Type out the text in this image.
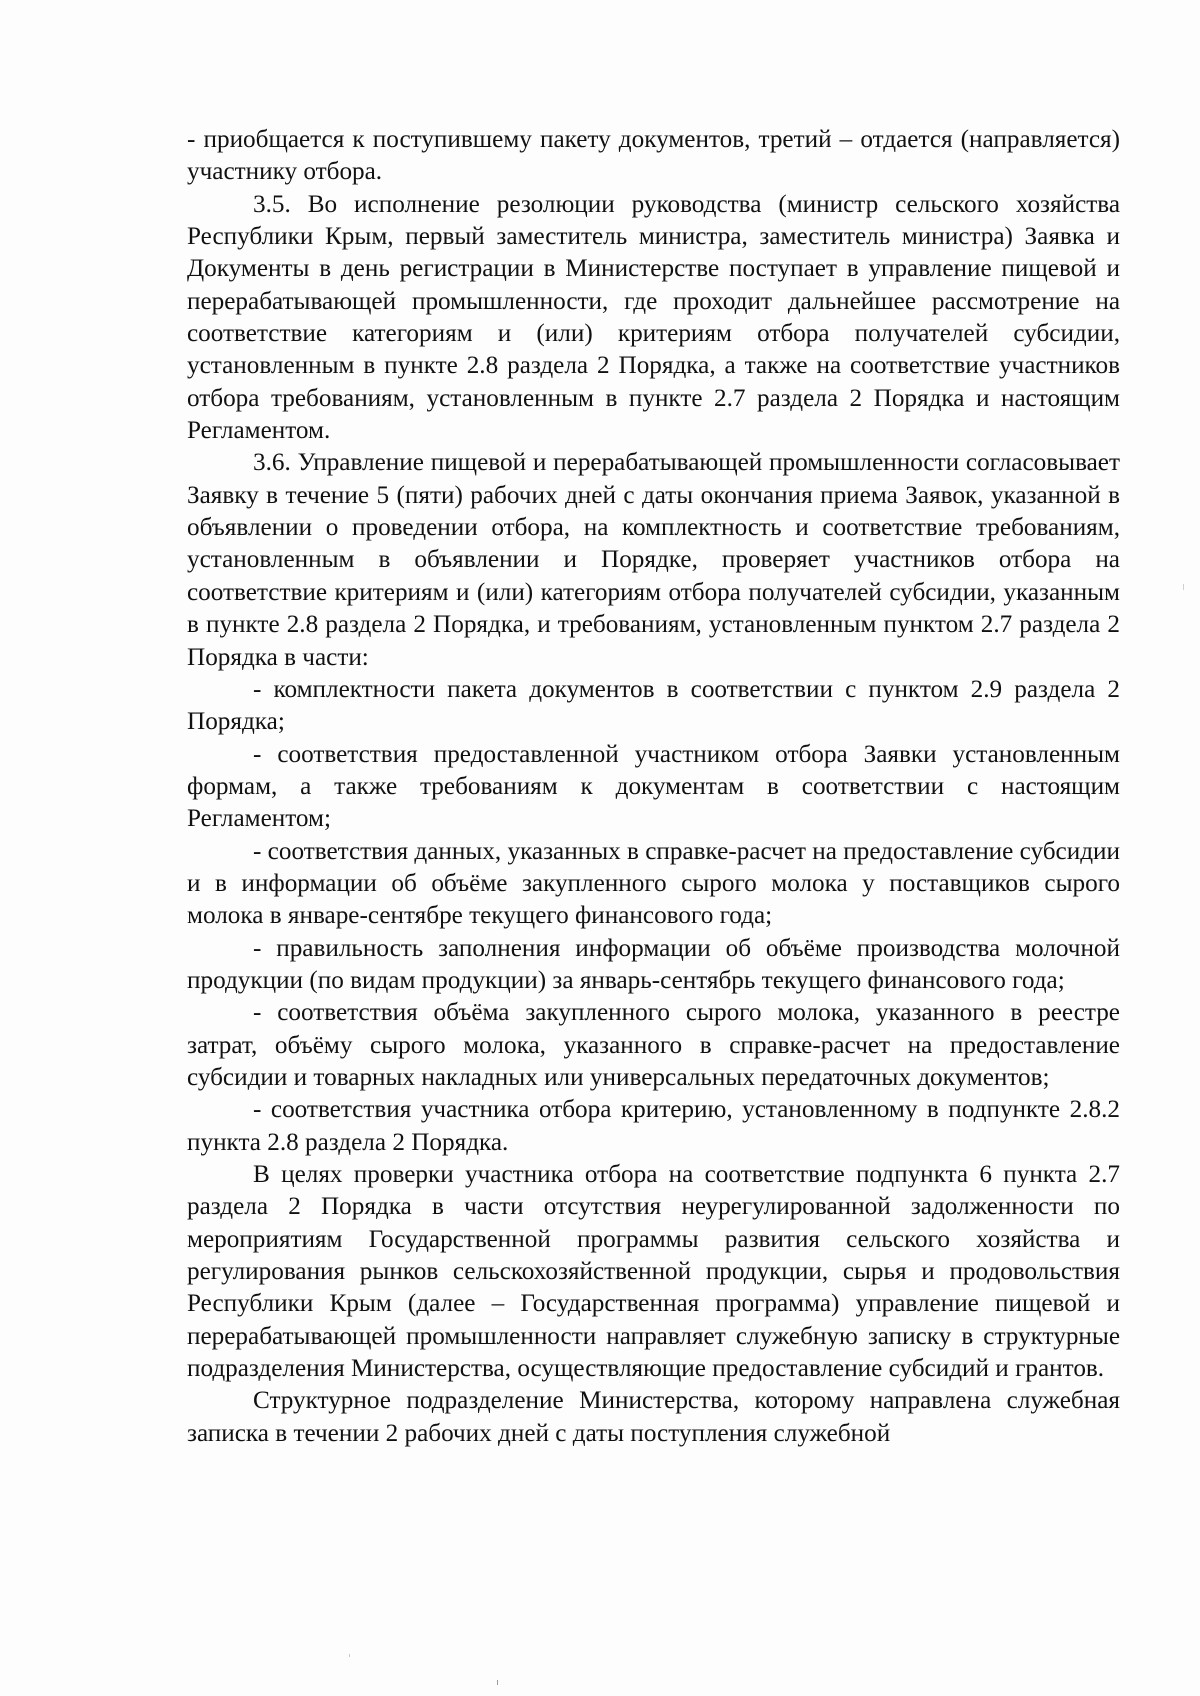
- приобщается к поступившему пакету документов, третий – отдается (направляется) участнику отбора.

3.5. Во исполнение резолюции руководства (министр сельского хозяйства Республики Крым, первый заместитель министра, заместитель министра) Заявка и Документы в день регистрации в Министерстве поступает в управление пищевой и перерабатывающей промышленности, где проходит дальнейшее рассмотрение на соответствие категориям и (или) критериям отбора получателей субсидии, установленным в пункте 2.8 раздела 2 Порядка, а также на соответствие участников отбора требованиям, установленным в пункте 2.7 раздела 2 Порядка и настоящим Регламентом.

3.6. Управление пищевой и перерабатывающей промышленности согласовывает Заявку в течение 5 (пяти) рабочих дней с даты окончания приема Заявок, указанной в объявлении о проведении отбора, на комплектность и соответствие требованиям, установленным в объявлении и Порядке, проверяет участников отбора на соответствие критериям и (или) категориям отбора получателей субсидии, указанным в пункте 2.8 раздела 2 Порядка, и требованиям, установленным пунктом 2.7 раздела 2 Порядка в части:

- комплектности пакета документов в соответствии с пунктом 2.9 раздела 2 Порядка;

- соответствия предоставленной участником отбора Заявки установленным формам, а также требованиям к документам в соответствии с настоящим Регламентом;

- соответствия данных, указанных в справке-расчет на предоставление субсидии и в информации об объёме закупленного сырого молока у поставщиков сырого молока в январе-сентябре текущего финансового года;

- правильность заполнения информации об объёме производства молочной продукции (по видам продукции) за январь-сентябрь текущего финансового года;

- соответствия объёма закупленного сырого молока, указанного в реестре затрат, объёму сырого молока, указанного в справке-расчет на предоставление субсидии и товарных накладных или универсальных передаточных документов;

- соответствия участника отбора критерию, установленному в подпункте 2.8.2 пункта 2.8 раздела 2 Порядка.

В целях проверки участника отбора на соответствие подпункта 6 пункта 2.7 раздела 2 Порядка в части отсутствия неурегулированной задолженности по мероприятиям Государственной программы развития сельского хозяйства и регулирования рынков сельскохозяйственной продукции, сырья и продовольствия Республики Крым (далее – Государственная программа) управление пищевой и перерабатывающей промышленности направляет служебную записку в структурные подразделения Министерства, осуществляющие предоставление субсидий и грантов.

Структурное подразделение Министерства, которому направлена служебная записка в течении 2 рабочих дней с даты поступления служебной
